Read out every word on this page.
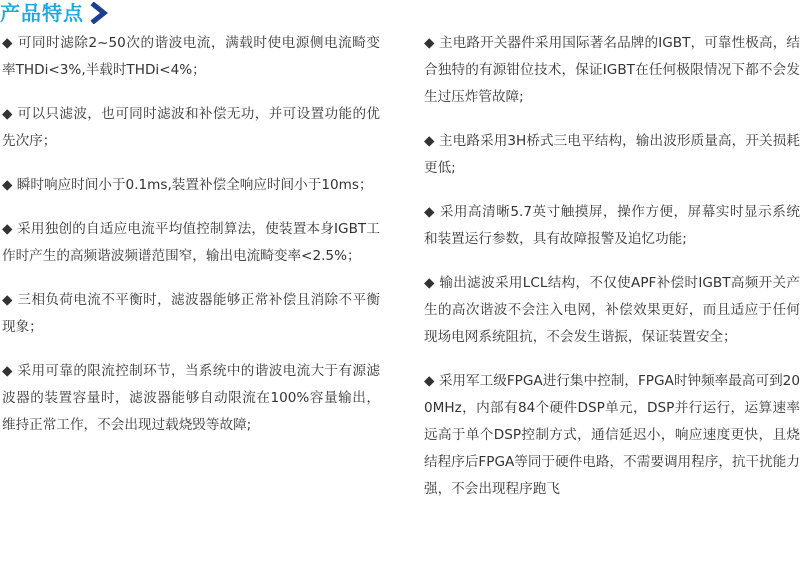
产品特点

◆ 可同时滤除2~50次的谐波电流，满载时使电源侧电流畸变率THDi<3%,半载时THDi<4%；

◆ 可以只滤波，也可同时滤波和补偿无功，并可设置功能的优先次序；

◆ 瞬时响应时间小于0.1ms,装置补偿全响应时间小于10ms；

◆ 采用独创的自适应电流平均值控制算法，使装置本身IGBT工作时产生的高频谐波频谱范围窄，输出电流畸变率<2.5%；

◆ 三相负荷电流不平衡时，滤波器能够正常补偿且消除不平衡现象；

◆ 采用可靠的限流控制环节，当系统中的谐波电流大于有源滤波器的装置容量时，滤波器能够自动限流在100%容量输出，维持正常工作，不会出现过载烧毁等故障;

◆ 主电路开关器件采用国际著名品牌的IGBT，可靠性极高，结合独特的有源钳位技术，保证IGBT在任何极限情况下都不会发生过压炸管故障;

◆ 主电路采用3H桥式三电平结构，输出波形质量高，开关损耗更低;

◆ 采用高清晰5.7英寸触摸屏，操作方便，屏幕实时显示系统和装置运行参数，具有故障报警及追忆功能;

◆ 输出滤波采用LCL结构，不仅使APF补偿时IGBT高频开关产生的高次谐波不会注入电网，补偿效果更好，而且适应于任何现场电网系统阻抗，不会发生谐振，保证装置安全；

◆ 采用军工级FPGA进行集中控制，FPGA时钟频率最高可到200MHz，内部有84个硬件DSP单元，DSP并行运行，运算速率远高于单个DSP控制方式，通信延迟小，响应速度更快，且烧结程序后FPGA等同于硬件电路，不需要调用程序，抗干扰能力强，不会出现程序跑飞
